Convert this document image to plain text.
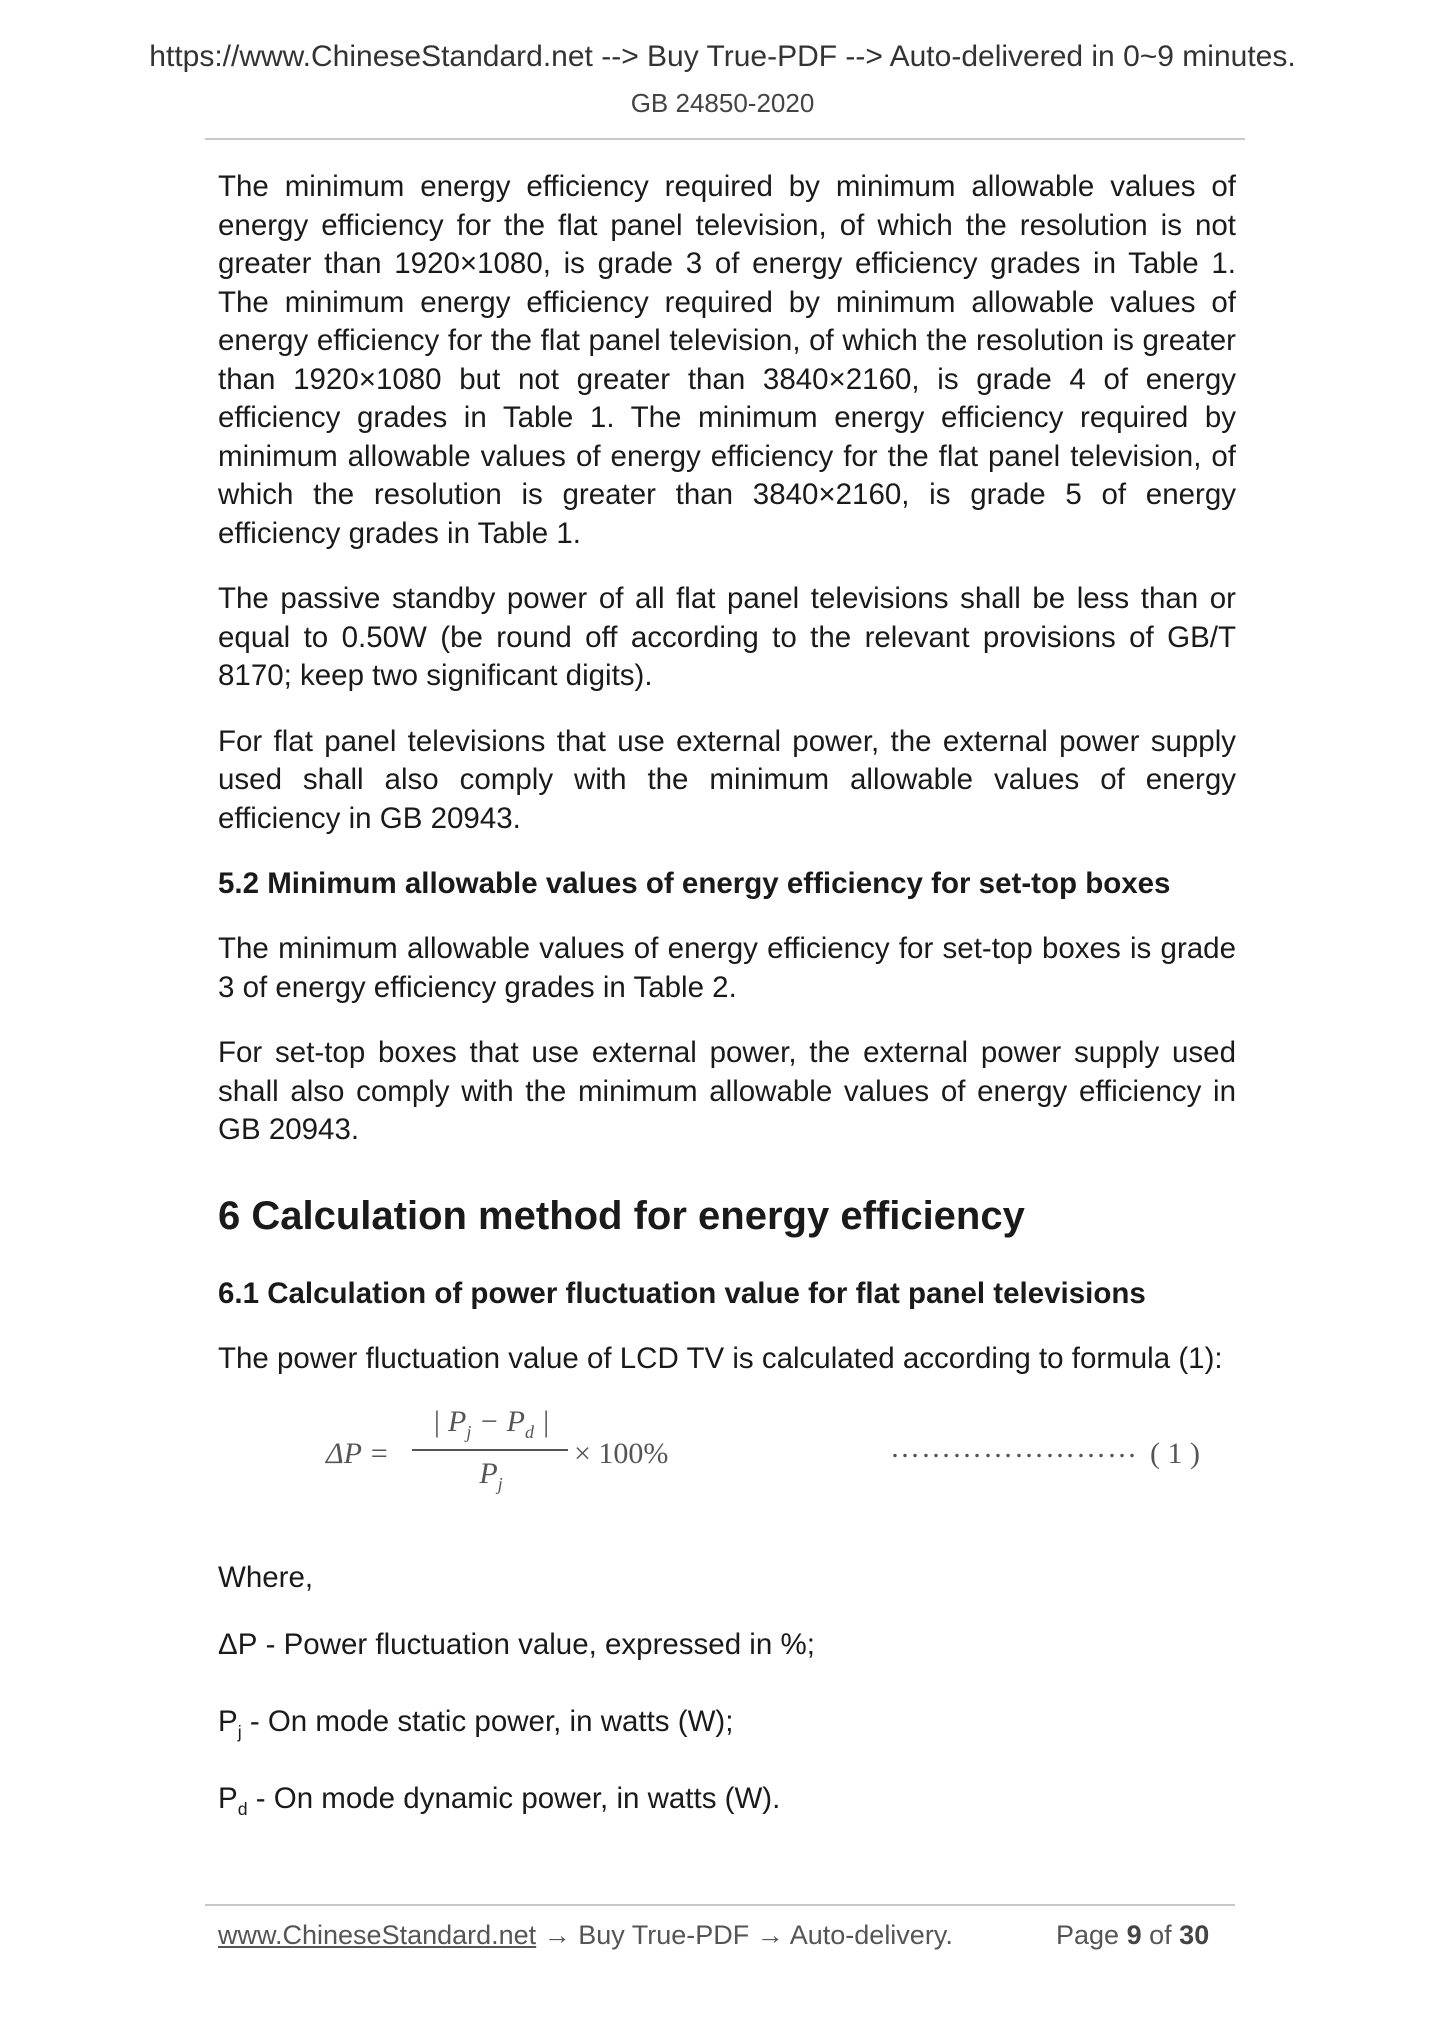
https://www.ChineseStandard.net --> Buy True-PDF --> Auto-delivered in 0~9 minutes.
GB 24850-2020

The minimum energy efficiency required by minimum allowable values of energy efficiency for the flat panel television, of which the resolution is not greater than 1920×1080, is grade 3 of energy efficiency grades in Table 1. The minimum energy efficiency required by minimum allowable values of energy efficiency for the flat panel television, of which the resolution is greater than 1920×1080 but not greater than 3840×2160, is grade 4 of energy efficiency grades in Table 1. The minimum energy efficiency required by minimum allowable values of energy efficiency for the flat panel television, of which the resolution is greater than 3840×2160, is grade 5 of energy efficiency grades in Table 1.

The passive standby power of all flat panel televisions shall be less than or equal to 0.50W (be round off according to the relevant provisions of GB/T 8170; keep two significant digits).

For flat panel televisions that use external power, the external power supply used shall also comply with the minimum allowable values of energy efficiency in GB 20943.

5.2 Minimum allowable values of energy efficiency for set-top boxes

The minimum allowable values of energy efficiency for set-top boxes is grade 3 of energy efficiency grades in Table 2.

For set-top boxes that use external power, the external power supply used shall also comply with the minimum allowable values of energy efficiency in GB 20943.

6 Calculation method for energy efficiency
6.1 Calculation of power fluctuation value for flat panel televisions

The power fluctuation value of LCD TV is calculated according to formula (1):

ΔP =
| $P_j - P_d$ |
$P_j$
× 100%	…………………… ( 1 )
Where,
ΔP - Power fluctuation value, expressed in %;
$P_j$ - On mode static power, in watts (W);
$P_d$ - On mode dynamic power, in watts (W).
www.ChineseStandard.net → Buy True-PDF → Auto-delivery.	Page 9 of 30
